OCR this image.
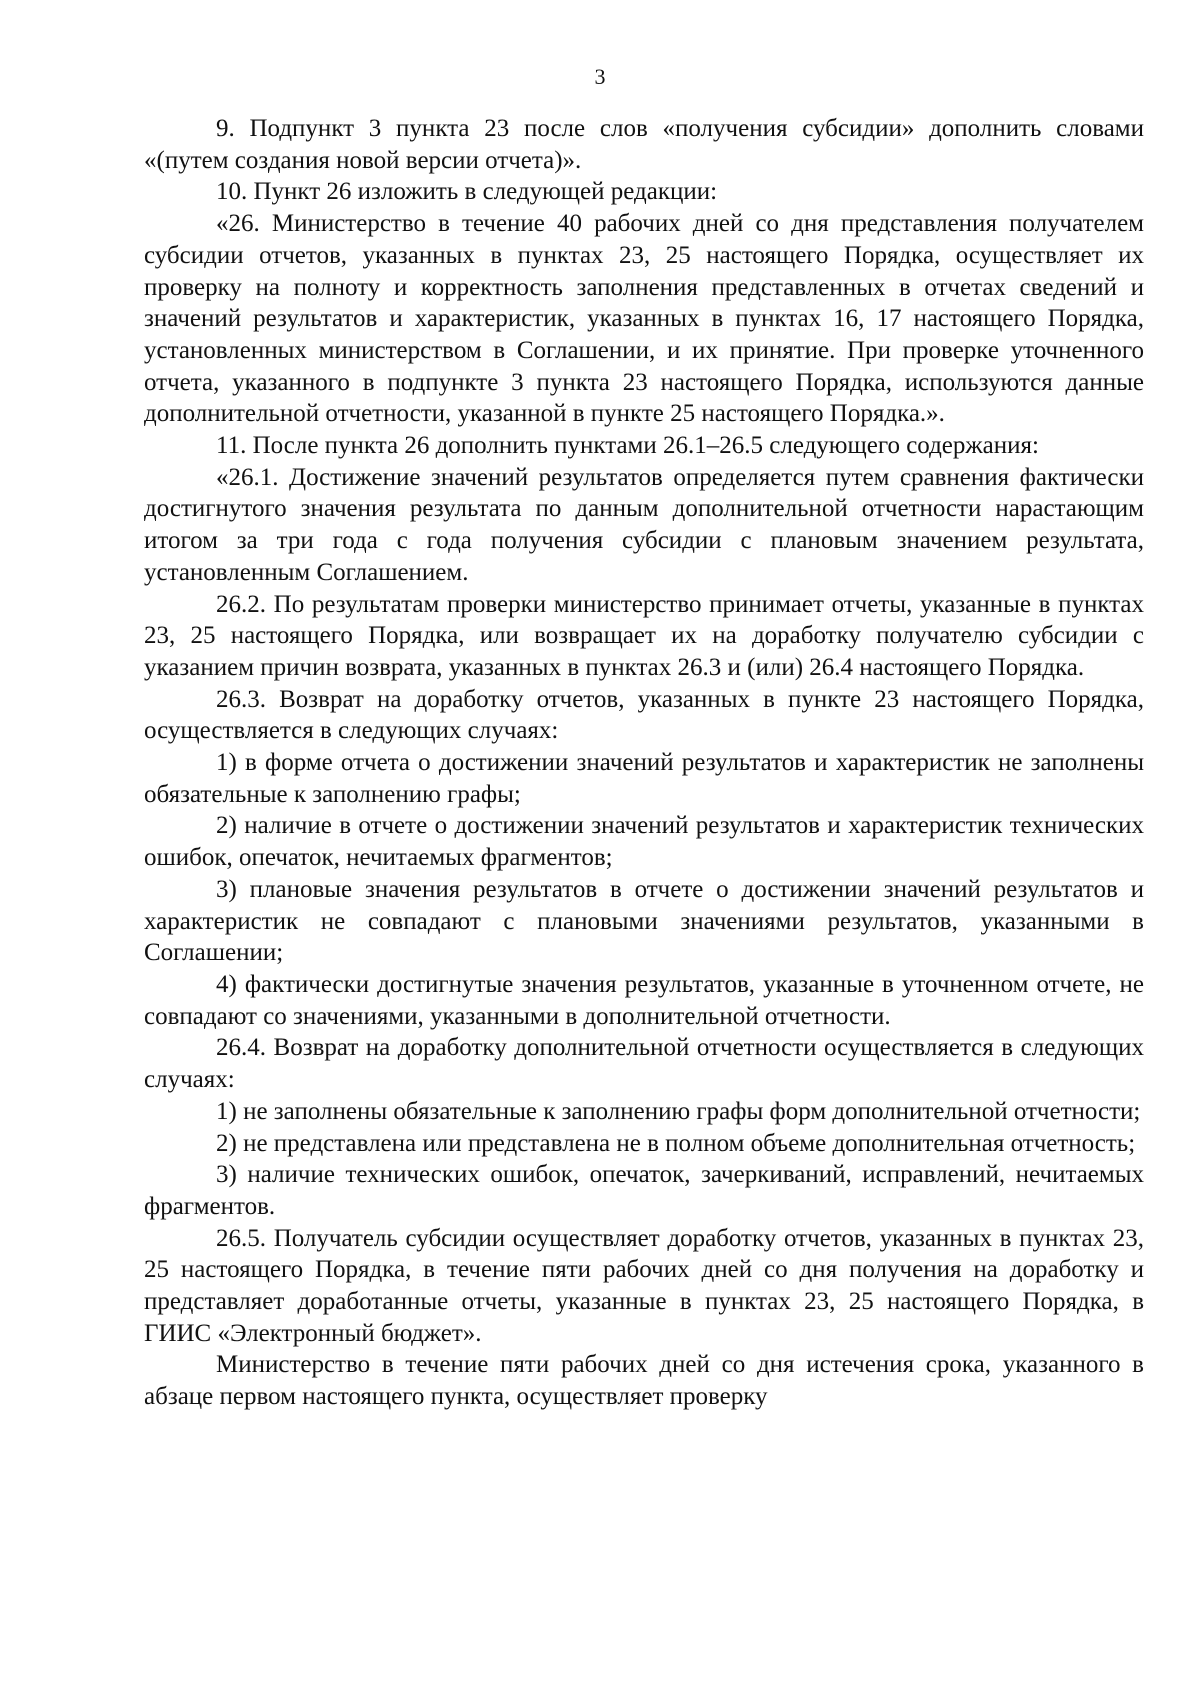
3

9. Подпункт 3 пункта 23 после слов «получения субсидии» дополнить словами «(путем создания новой версии отчета)».

10. Пункт 26 изложить в следующей редакции:

«26. Министерство в течение 40 рабочих дней со дня представления получателем субсидии отчетов, указанных в пунктах 23, 25 настоящего Порядка, осуществляет их проверку на полноту и корректность заполнения представленных в отчетах сведений и значений результатов и характеристик, указанных в пунктах 16, 17 настоящего Порядка, установленных министерством в Соглашении, и их принятие. При проверке уточненного отчета, указанного в подпункте 3 пункта 23 настоящего Порядка, используются данные дополнительной отчетности, указанной в пункте 25 настоящего Порядка.».

11. После пункта 26 дополнить пунктами 26.1–26.5 следующего содержания:

«26.1. Достижение значений результатов определяется путем сравнения фактически достигнутого значения результата по данным дополнительной отчетности нарастающим итогом за три года с года получения субсидии с плановым значением результата, установленным Соглашением.

26.2. По результатам проверки министерство принимает отчеты, указанные в пунктах 23, 25 настоящего Порядка, или возвращает их на доработку получателю субсидии с указанием причин возврата, указанных в пунктах 26.3 и (или) 26.4 настоящего Порядка.

26.3. Возврат на доработку отчетов, указанных в пункте 23 настоящего Порядка, осуществляется в следующих случаях:

1) в форме отчета о достижении значений результатов и характеристик не заполнены обязательные к заполнению графы;

2) наличие в отчете о достижении значений результатов и характеристик технических ошибок, опечаток, нечитаемых фрагментов;

3) плановые значения результатов в отчете о достижении значений результатов и характеристик не совпадают с плановыми значениями результатов, указанными в Соглашении;

4) фактически достигнутые значения результатов, указанные в уточненном отчете, не совпадают со значениями, указанными в дополнительной отчетности.

26.4. Возврат на доработку дополнительной отчетности осуществляется в следующих случаях:

1) не заполнены обязательные к заполнению графы форм дополнительной отчетности;

2) не представлена или представлена не в полном объеме дополнительная отчетность;

3) наличие технических ошибок, опечаток, зачеркиваний, исправлений, нечитаемых фрагментов.

26.5. Получатель субсидии осуществляет доработку отчетов, указанных в пунктах 23, 25 настоящего Порядка, в течение пяти рабочих дней со дня получения на доработку и представляет доработанные отчеты, указанные в пунктах 23, 25 настоящего Порядка, в ГИИС «Электронный бюджет».

Министерство в течение пяти рабочих дней со дня истечения срока, указанного в абзаце первом настоящего пункта, осуществляет проверку
